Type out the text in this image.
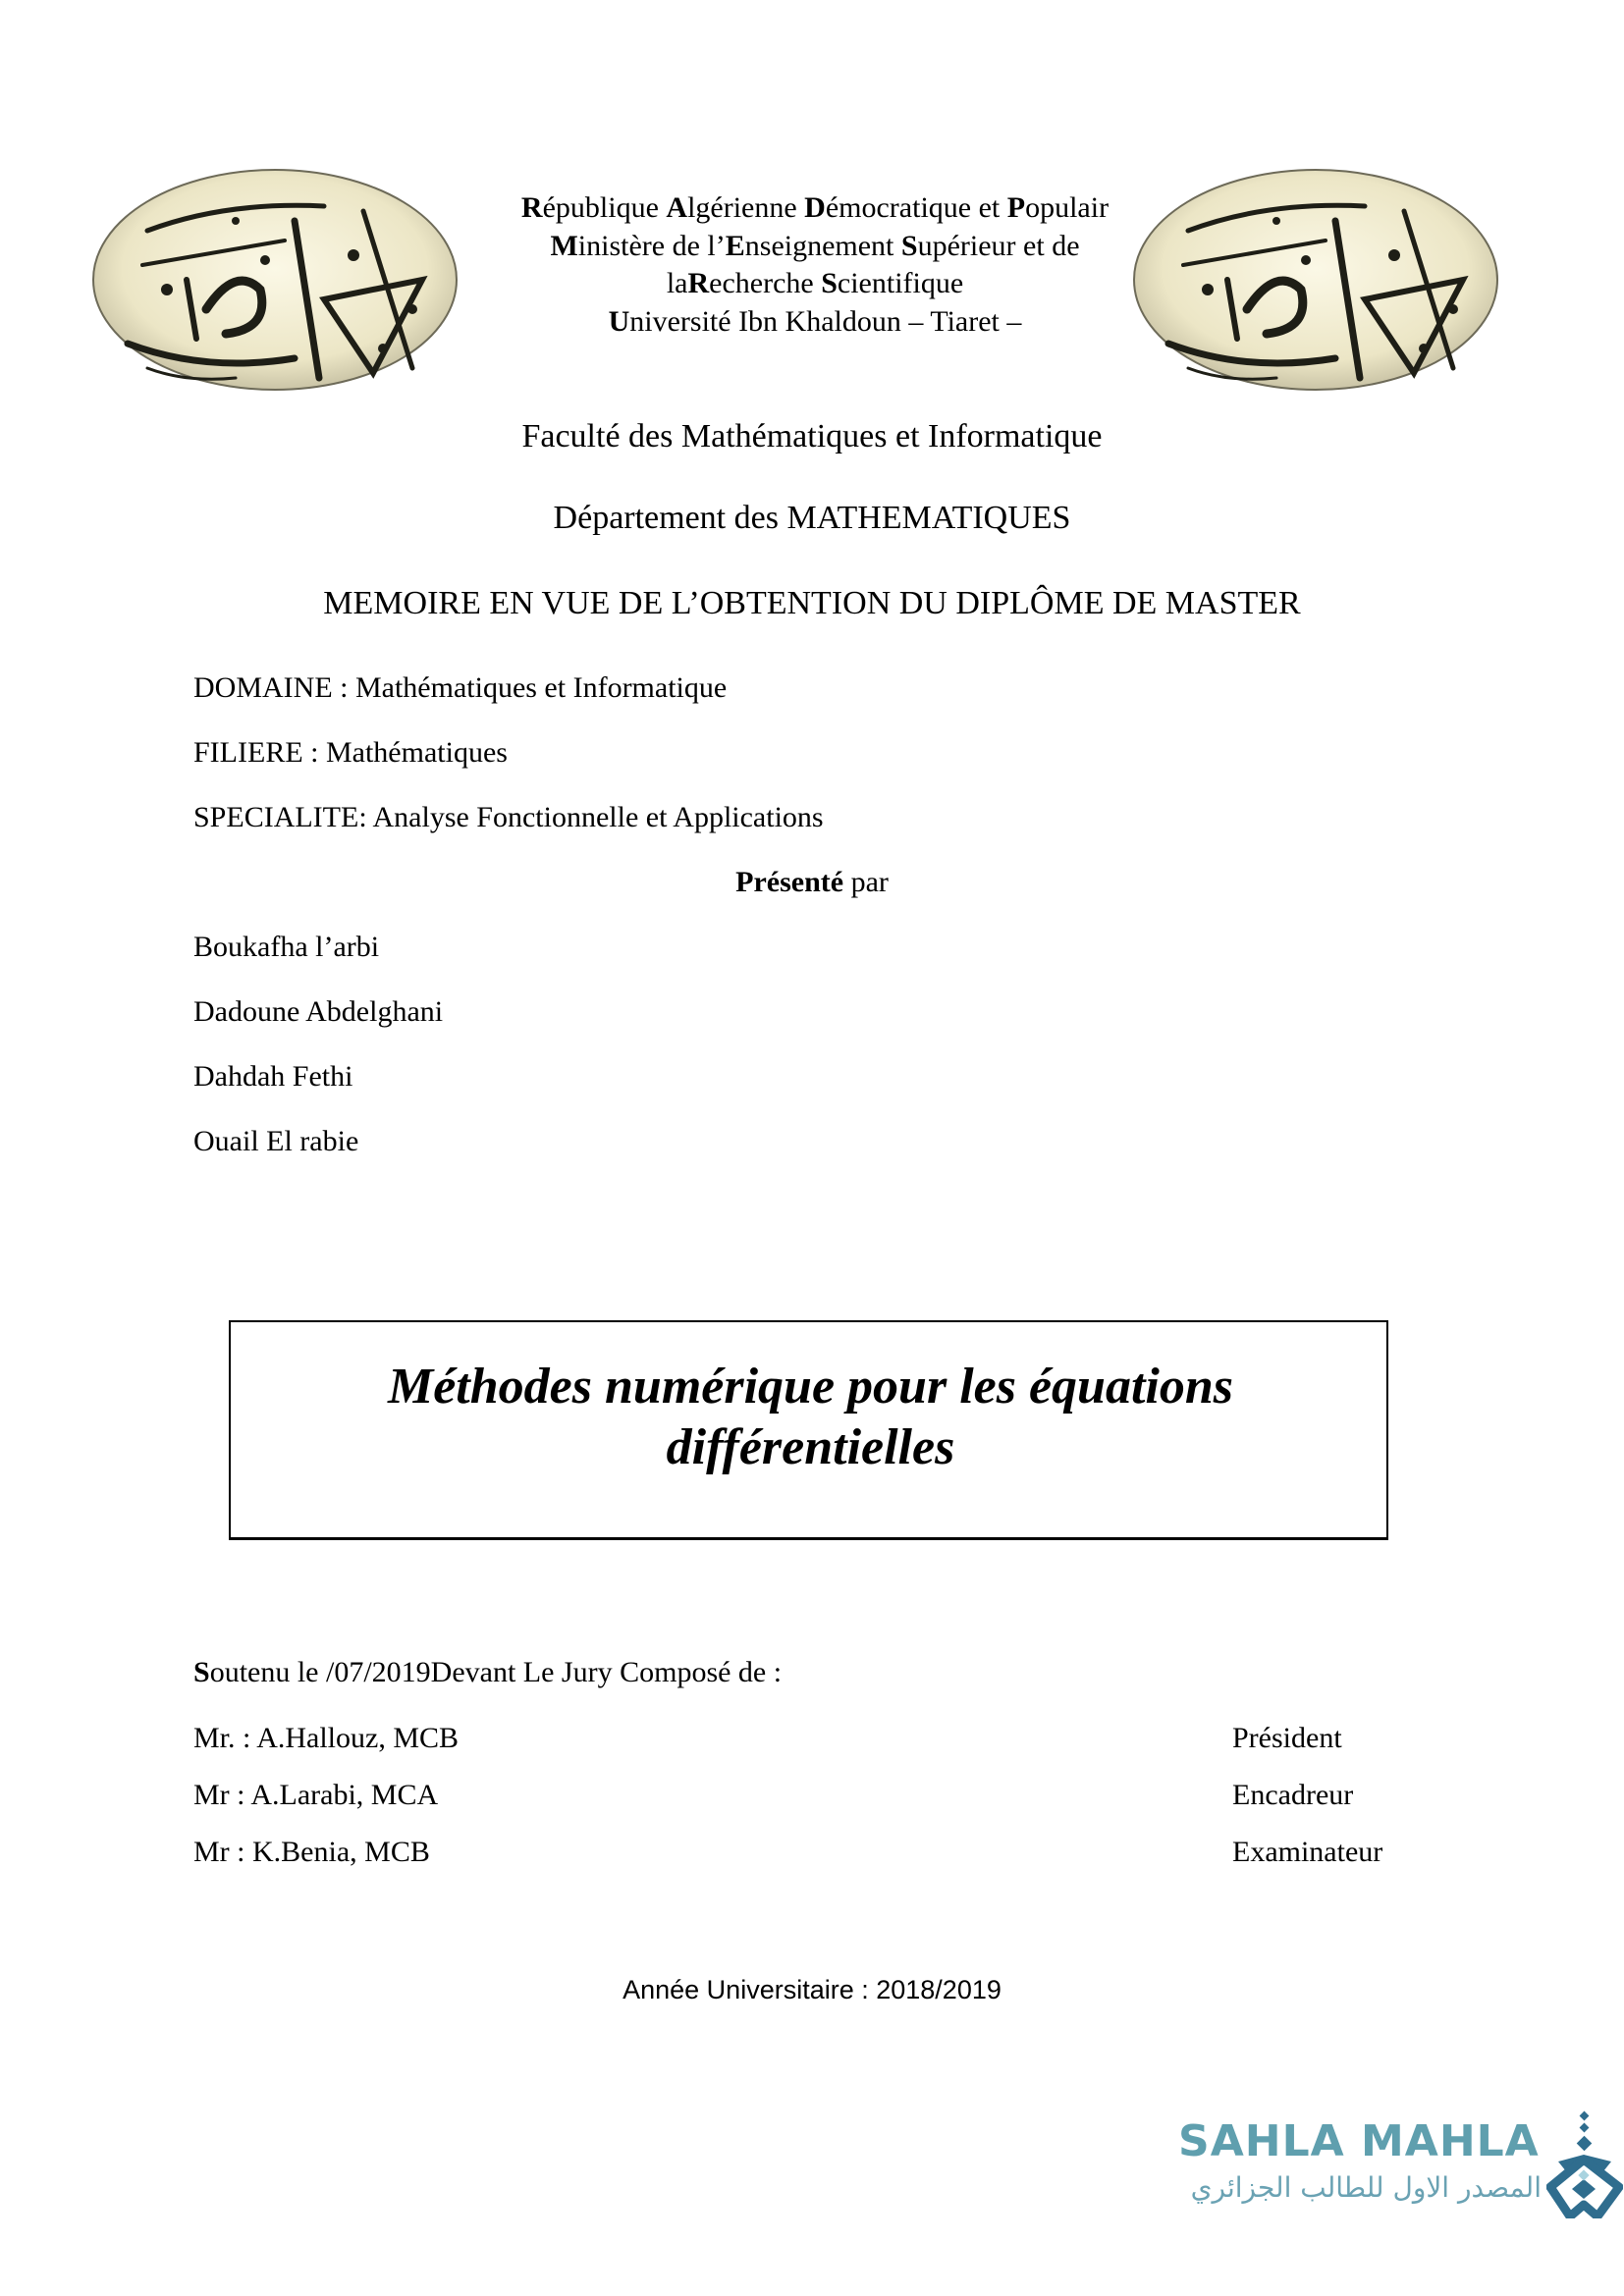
République Algérienne Démocratique et Populair
Ministère de l’Enseignement Supérieur et de
laRecherche Scientifique
Université Ibn Khaldoun – Tiaret –
Faculté des Mathématiques et Informatique
Département des MATHEMATIQUES
MEMOIRE EN VUE DE L’OBTENTION DU DIPLÔME DE MASTER
DOMAINE : Mathématiques et Informatique
FILIERE : Mathématiques
SPECIALITE: Analyse Fonctionnelle et Applications
Présenté par
Boukafha l’arbi
Dadoune Abdelghani
Dahdah Fethi
Ouail El rabie
Méthodes numérique pour les équations
différentielles
Soutenu le /07/2019Devant Le Jury Composé de :
Mr. : A.Hallouz, MCB	Président
Mr : A.Larabi, MCA	Encadreur
Mr : K.Benia, MCB	Examinateur
Année Universitaire : 2018/2019
SAHLA MAHLA
المصدر الاول للطالب الجزائري
